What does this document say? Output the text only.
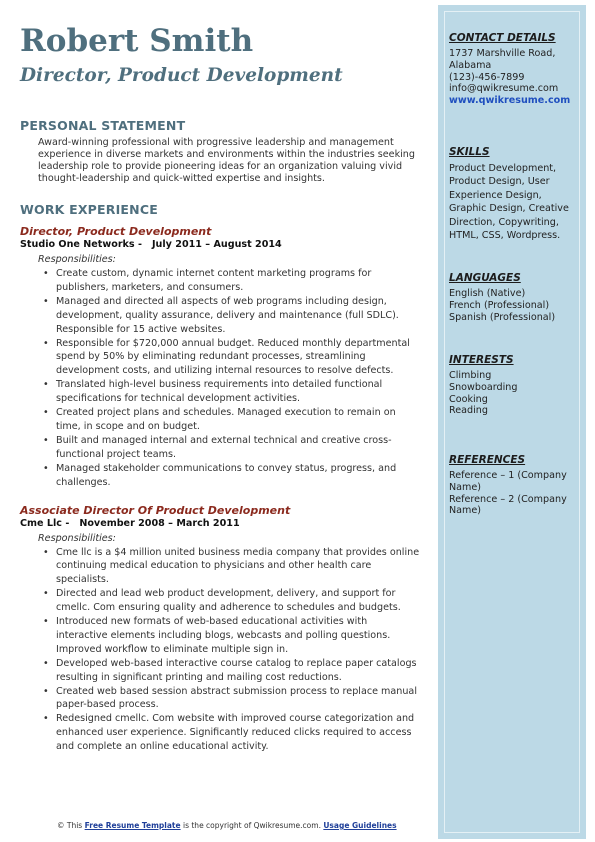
Robert Smith
Director, Product Development
PERSONAL STATEMENT
Award-winning professional with progressive leadership and management experience in diverse markets and environments within the industries seeking leadership role to provide pioneering ideas for an organization valuing vivid thought-leadership and quick-witted expertise and insights.
WORK EXPERIENCE
Director, Product Development
Studio One Networks -   July 2011 – August 2014
Responsibilities:
• Create custom, dynamic internet content marketing programs for publishers, marketers, and consumers.
• Managed and directed all aspects of web programs including design, development, quality assurance, delivery and maintenance (full SDLC). Responsible for 15 active websites.
• Responsible for $720,000 annual budget. Reduced monthly departmental spend by 50% by eliminating redundant processes, streamlining development costs, and utilizing internal resources to resolve defects.
• Translated high-level business requirements into detailed functional specifications for technical development activities.
• Created project plans and schedules. Managed execution to remain on time, in scope and on budget.
• Built and managed internal and external technical and creative cross-functional project teams.
• Managed stakeholder communications to convey status, progress, and challenges.
Associate Director Of Product Development
Cme Llc -   November 2008 – March 2011
Responsibilities:
• Cme llc is a $4 million united business media company that provides online continuing medical education to physicians and other health care specialists.
• Directed and lead web product development, delivery, and support for cmellc. Com ensuring quality and adherence to schedules and budgets.
• Introduced new formats of web-based educational activities with interactive elements including blogs, webcasts and polling questions. Improved workflow to eliminate multiple sign in.
• Developed web-based interactive course catalog to replace paper catalogs resulting in significant printing and mailing cost reductions.
• Created web based session abstract submission process to replace manual paper-based process.
• Redesigned cmellc. Com website with improved course categorization and enhanced user experience. Significantly reduced clicks required to access and complete an online educational activity.
© This Free Resume Template is the copyright of Qwikresume.com. Usage Guidelines
CONTACT DETAILS
1737 Marshville Road,
Alabama
(123)-456-7899
info@qwikresume.com
www.qwikresume.com
SKILLS
Product Development, Product Design, User Experience Design, Graphic Design, Creative Direction, Copywriting, HTML, CSS, Wordpress.
LANGUAGES
English (Native)
French (Professional)
Spanish (Professional)
INTERESTS
Climbing
Snowboarding
Cooking
Reading
REFERENCES
Reference – 1 (Company Name)
Reference – 2 (Company Name)
